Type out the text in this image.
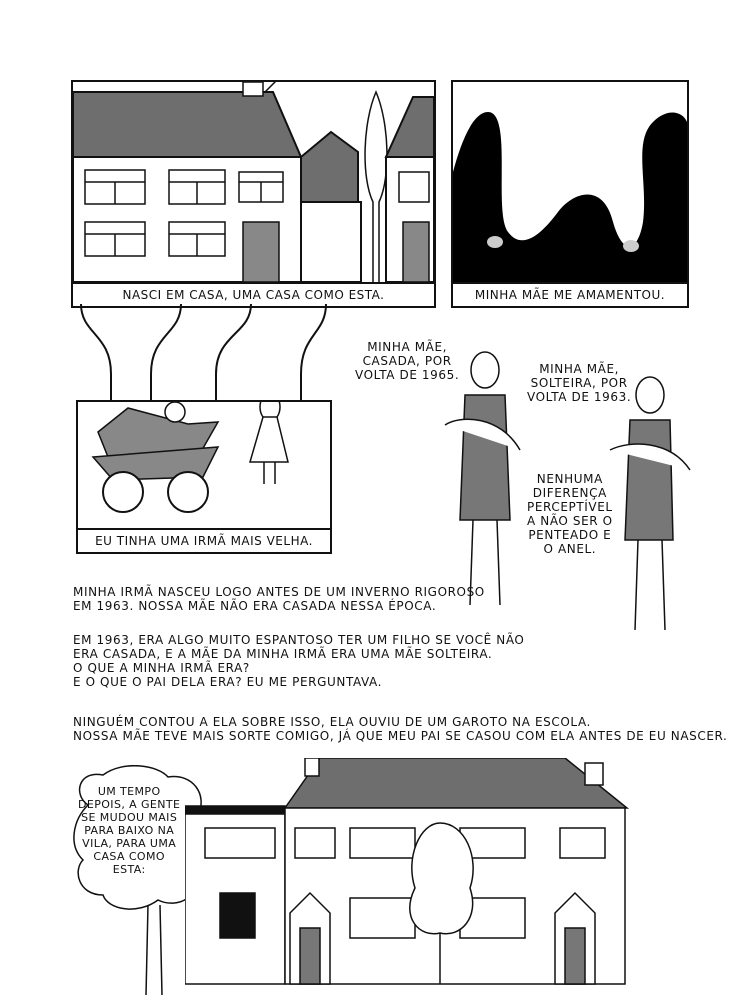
NASCI EM CASA, UMA CASA COMO ESTA.	MINHA MÃE ME AMAMENTOU.
EU TINHA UMA IRMÃ MAIS VELHA.
MINHA MÃE,
CASADA, POR
VOLTA DE 1965.	MINHA MÃE,
SOLTEIRA, POR
VOLTA DE 1963.
NENHUMA
DIFERENÇA
PERCEPTÍVEL
A NÃO SER O
PENTEADO E
O ANEL.
MINHA IRMÃ NASCEU LOGO ANTES DE UM INVERNO RIGOROSO
EM 1963. NOSSA MÃE NÃO ERA CASADA NESSA ÉPOCA.
EM 1963, ERA ALGO MUITO ESPANTOSO TER UM FILHO SE VOCÊ NÃO
ERA CASADA, E A MÃE DA MINHA IRMÃ ERA UMA MÃE SOLTEIRA.
O QUE A MINHA IRMÃ ERA?
E O QUE O PAI DELA ERA? EU ME PERGUNTAVA.
NINGUÉM CONTOU A ELA SOBRE ISSO, ELA OUVIU DE UM GAROTO NA ESCOLA.
NOSSA MÃE TEVE MAIS SORTE COMIGO, JÁ QUE MEU PAI SE CASOU COM ELA ANTES DE EU NASCER.
UM TEMPO
DEPOIS, A GENTE
SE MUDOU MAIS
PARA BAIXO NA
VILA, PARA UMA
CASA COMO
ESTA:
